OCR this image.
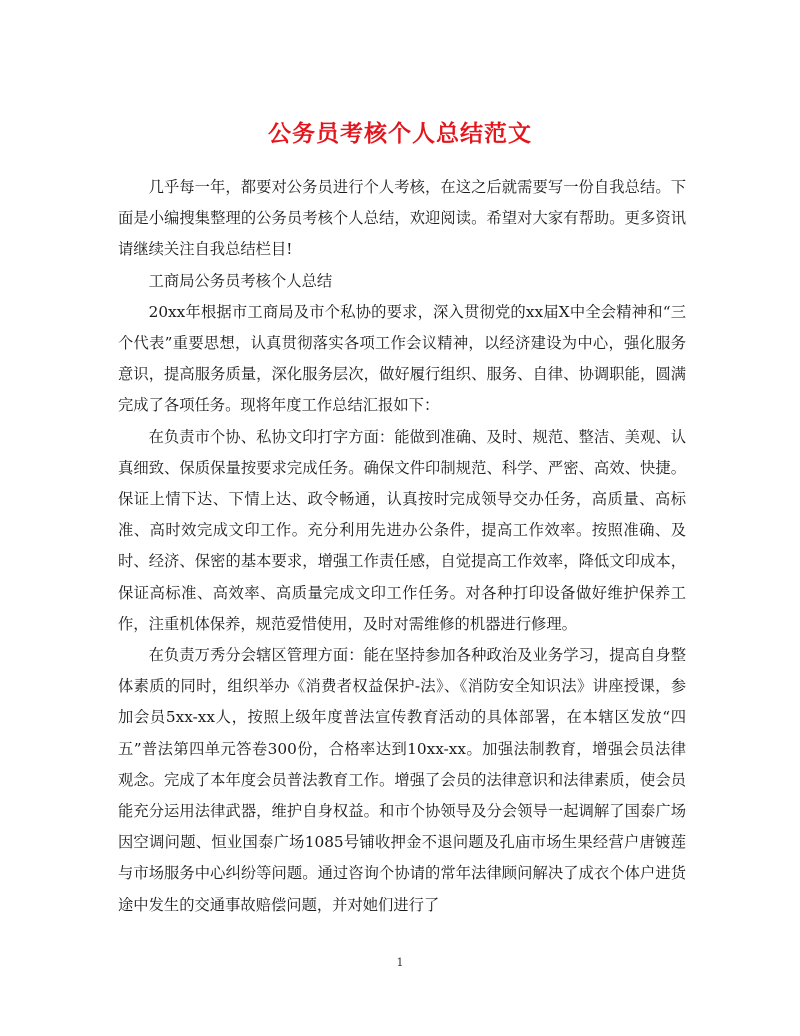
公务员考核个人总结范文

几乎每一年，都要对公务员进行个人考核，在这之后就需要写一份自我总结。下面是小编搜集整理的公务员考核个人总结，欢迎阅读。希望对大家有帮助。更多资讯请继续关注自我总结栏目!

工商局公务员考核个人总结

20xx年根据市工商局及市个私协的要求，深入贯彻党的xx届X中全会精神和“三个代表”重要思想，认真贯彻落实各项工作会议精神，以经济建设为中心，强化服务意识，提高服务质量，深化服务层次，做好履行组织、服务、自律、协调职能，圆满完成了各项任务。现将年度工作总结汇报如下：

在负责市个协、私协文印打字方面：能做到准确、及时、规范、整洁、美观、认真细致、保质保量按要求完成任务。确保文件印制规范、科学、严密、高效、快捷。保证上情下达、下情上达、政令畅通，认真按时完成领导交办任务，高质量、高标准、高时效完成文印工作。充分利用先进办公条件，提高工作效率。按照准确、及时、经济、保密的基本要求，增强工作责任感，自觉提高工作效率，降低文印成本，保证高标准、高效率、高质量完成文印工作任务。对各种打印设备做好维护保养工作，注重机体保养，规范爱惜使用，及时对需维修的机器进行修理。

在负责万秀分会辖区管理方面：能在坚持参加各种政治及业务学习，提高自身整体素质的同时，组织举办《消费者权益保护-法》、《消防安全知识法》讲座授课，参加会员5xx-xx人，按照上级年度普法宣传教育活动的具体部署，在本辖区发放“四五”普法第四单元答卷300份，合格率达到10xx-xx。加强法制教育，增强会员法律观念。完成了本年度会员普法教育工作。增强了会员的法律意识和法律素质，使会员能充分运用法律武器，维护自身权益。和市个协领导及分会领导一起调解了国泰广场因空调问题、恒业国泰广场1085号铺收押金不退问题及孔庙市场生果经营户唐镀莲与市场服务中心纠纷等问题。通过咨询个协请的常年法律顾问解决了成衣个体户进货途中发生的交通事故赔偿问题，并对她们进行了

1
